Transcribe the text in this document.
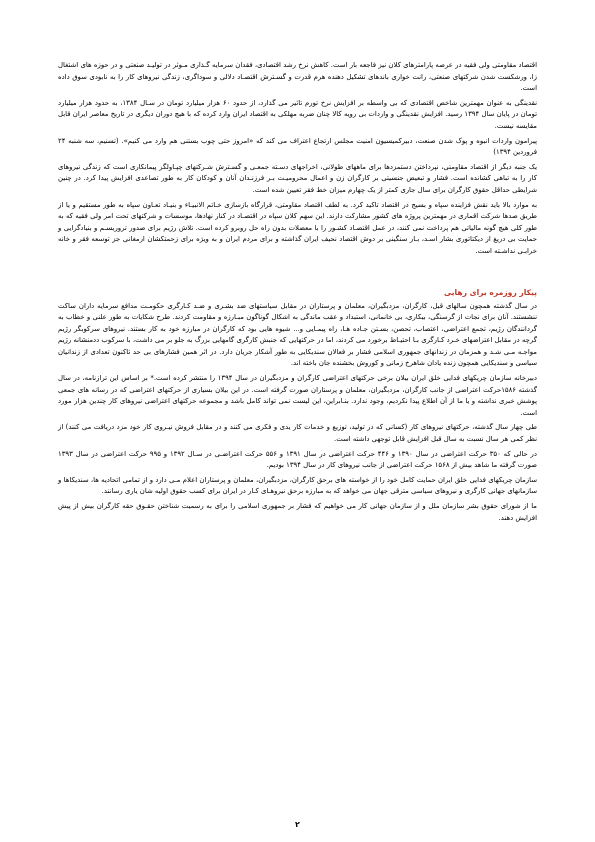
اقتصاد مقاومتی ولی فقیه در عرصه پارامترهای کلان نیز فاجعه بار است. کاهش نرخ رشد اقتصادی، فقدان سرمایه گـذاری مـوثر در تولیـد صنعتی و در حوزه های اشتغال زا، ورشکست شدن شرکتهای صنعتی، رانت خواری باندهای تشکیل دهنده هرم قدرت و گسـترش اقتصـاد دلالی و سوداگری، زندگی نیروهای کار را به نابودی سوق داده است.

نقدینگی به عنوان مهمترین شاخص اقتصادی که بی واسطه بر افزایش نرخ تورم تاثیر می گذارد، از حدود ۶۰ هزار میلیارد تومان در سـال ۱۳۸۴، به حدود هزار میلیارد تومان در پایان سال ۱۳۹۴ رسید. افزایش نقدینگی و واردات بی رویه کالا چنان ضربه مهلکی به اقتصاد ایران وارد کرده که با هیچ دوران دیگری در تاریخ معاصر ایران قابل مقایسه نیست.

پیرامون واردات انبوه و پوک شدن صنعت، دبیرکمیسیون امنیت مجلس ارتجاع اعتراف می کند که «امروز حتی چوب بستنی هم وارد می کنیم». (تسنیم، سه شنبه ۲۴ فروردین ۱۳۹۴)

یک جنبه دیگر از اقتصاد مقاومتی، نپرداختن دستمزدها برای ماههای طولانی، اخراجهای دسـته جمعـی و گسـترش شـرکتهای چپـاولگر پیمانکاری است که زندگی نیروهای کار را به تباهی کشانده است. فشار و تبعیض جنسیتی بر کارگران زن و اعمال محرومیـت بـر فرزنـدان آنان و کودکان کار به طور تصاعدی افزایش پیدا کرد. در چنین شرایطی حداقل حقوق کارگران برای سال جاری کمتر از یک چهارم میزان خط فقر تعیین شده است.

به موارد بالا باید نقش فزاینده سپاه و بسیج در اقتصاد تاکید کرد. به لطف اقتصاد مقاومتی، قرارگاه بازسازی خـاتم الانبیـاء و بنیـاد تعـاون سپاه به طور مستقیم و یا از طریق صدها شرکت اقماری در مهمترین پروژه های کشور مشارکت دارند. این سهم کلان سپاه در اقتصـاد در کنار نهادها، موسسات و شرکتهای تحت امر ولی فقیه که به طور کلی هیچ گونه مالیاتی هم پرداخت نمی کنند، در عمل اقتصـاد کشـور را با معضلات بدون راه حل روبرو کرده است. تلاش رژیم برای صدور تروریسـم و بنیادگرایی و حمایت بی دریغ از دیکتاتوری بشار اسـد، بـار سنگینی بر دوش اقتصاد نحیف ایران گذاشته و برای مردم ایران و به ویژه برای زحمتکشان ارمغانی جز توسعه فقر و خانه خرابـی نداشـته است.

پیکار روزمره برای رهایی

در سال گذشته همچون سالهای قبل، کارگران، مزدبگیران، معلمان و پرستاران در مقابل سیاستهای ضد بشـری و ضـد کـارگری حکومـت مدافع سرمایه داران ساکت ننشستند. آنان برای نجات از گرسنگی، بیکاری، بی خانمانی، استبداد و عقب ماندگی به اشکال گوناگون مبـارزه و مقاومت کردند. طرح شکایات به طور علنی و خطاب به گردانندگان رژیم، تجمع اعتراضی، اعتصاب، تحصن، بسـتن جـاده هـا، راه پیمـایی و... شیوه هایی بود که کارگران در مبارزه خود به کار بستند. نیروهای سرکوبگر رژیم گرچه در مقابل اعتراضهای خـرد کـارگری بـا احتیـاط برخورد می کردند، اما در حرکتهایی که جنبش کارگری گامهایی بزرگ به جلو بر می داشت، با سرکوب ددمنشانه رژیم مواجـه مـی شـد و همزمان در زندانهای جمهوری اسلامی فشار بر فعالان سندیکایی به طور آشکار جریان دارد. در اثر همین فشارهای بی حد تاکنون تعدادی از زندانیان سیاسی و سندیکایی همچون زنده یادان شاهرخ زمانی و کوروش بخشنده جان باخته اند.

دبیرخانه سازمان چریکهای فدایی خلق ایران بیلان برخی حرکتهای اعتراضی کارگران و مزدبگیران در سال ۱۳۹۴ را منتشر کرده است.* بر اساس این ترازنامه، در سال گذشته ۱۵۸۶حرکت اعتراضی از جانب کارگران، مزدبگیران، معلمان و پرستاران صورت گرفته است. در این بیلان بسیاری از حرکتهای اعتراضی که در رسانه های جمعی پوشش خبری نداشته و یا ما از آن اطلاع پیدا نکردیم، وجود ندارد. بنـابراین، این لیست نمی تواند کامل باشد و مجموعه حرکتهای اعتراضی نیروهای کار چندین هزار مورد است.

طی چهار سال گذشته، حرکتهای نیروهای کار (کسانی که در تولید، توزیع و خدمات کار یدی و فکری می کنند و در مقابل فروش نیـروی کار خود مزد دریافت می کنند) از نظر کمی هر سال نسبت به سال قبل افزایش قابل توجهی داشته است.

در حالی که ۳۵۰ حرکت اعتراضی در سال ۱۳۹۰ و ۴۴۶ حرکت اعتراضی در سال ۱۳۹۱ و ۵۵۶ حرکت اعتراضـی در سـال ۱۳۹۲ و ۹۹۵ حرکت اعتراضی در سال ۱۳۹۳ صورت گرفته ما شاهد بیش از ۱۵۶۸ حرکت اعتراضی از جانب نیروهای کار در سال ۱۳۹۴ بودیم.

سازمان چریکهای فدایی خلق ایران حمایت کامل خود را از خواسته های برحق کارگران، مزدبگیران، معلمان و پرستاران اعلام مـی دارد و از تمامی اتحادیه ها، سندیکاها و سازمانهای جهانی کارگری و نیروهای سیاسی مترقی جهان می خواهد که به مبارزه برحق نیروهـای کـار در ایران برای کسب حقوق اولیه شان یاری رسانند.

ما از شورای حقوق بشر سازمان ملل و از سازمان جهانی کار می خواهیم که فشار بر جمهوری اسلامی را برای به رسمیت شناختن حقـوق حقه کارگران بیش از پیش افزایش دهند.

۲
